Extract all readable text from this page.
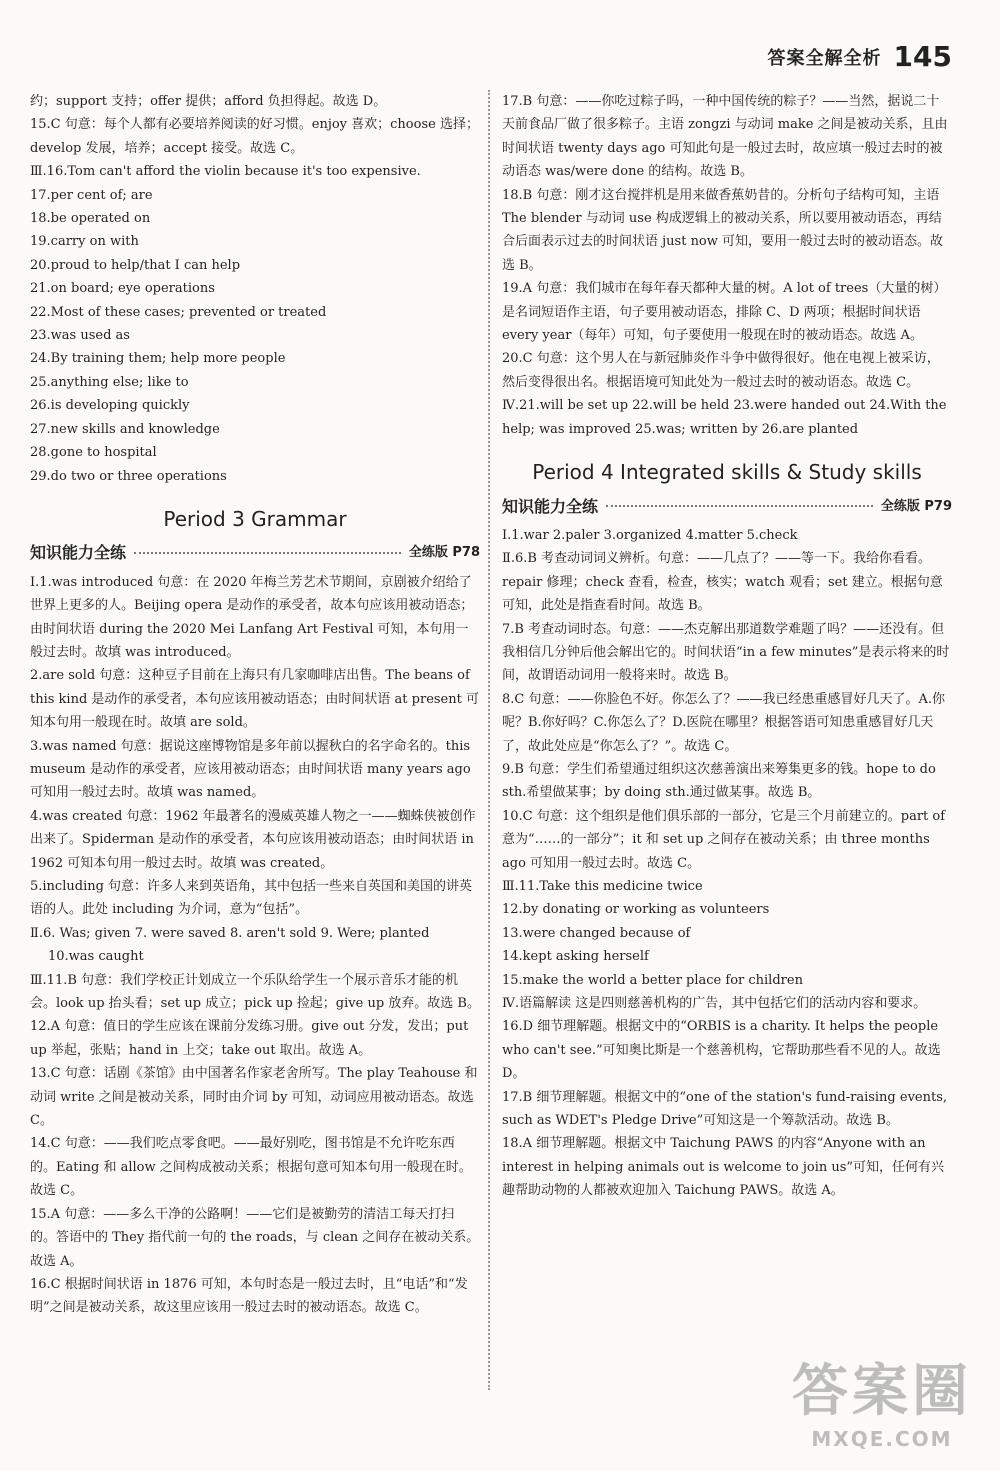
答案全解全析 145

约；support 支持；offer 提供；afford 负担得起。故选 D。

15.C 句意：每个人都有必要培养阅读的好习惯。enjoy 喜欢；choose 选择；develop 发展，培养；accept 接受。故选 C。

Ⅲ.16.Tom can't afford the violin because it's too expensive.

17.per cent of; are

18.be operated on

19.carry on with

20.proud to help/that I can help

21.on board; eye operations

22.Most of these cases; prevented or treated

23.was used as

24.By training them; help more people

25.anything else; like to

26.is developing quickly

27.new skills and knowledge

28.gone to hospital

29.do two or three operations

Period 3 Grammar
知识能力全练	全练版 P78

Ⅰ.1.was introduced 句意：在 2020 年梅兰芳艺术节期间，京剧被介绍给了世界上更多的人。Beijing opera 是动作的承受者，故本句应该用被动语态；由时间状语 during the 2020 Mei Lanfang Art Festival 可知，本句用一般过去时。故填 was introduced。

2.are sold 句意：这种豆子目前在上海只有几家咖啡店出售。The beans of this kind 是动作的承受者，本句应该用被动语态；由时间状语 at present 可知本句用一般现在时。故填 are sold。

3.was named 句意：据说这座博物馆是多年前以握秋白的名字命名的。this museum 是动作的承受者，应该用被动语态；由时间状语 many years ago 可知用一般过去时。故填 was named。

4.was created 句意：1962 年最著名的漫威英雄人物之一——蜘蛛侠被创作出来了。Spiderman 是动作的承受者，本句应该用被动语态；由时间状语 in 1962 可知本句用一般过去时。故填 was created。

5.including 句意：许多人来到英语角，其中包括一些来自英国和美国的讲英语的人。此处 including 为介词，意为“包括”。

Ⅱ.6. Was; given 7. were saved 8. aren't sold 9. Were; planted

10.was caught

Ⅲ.11.B 句意：我们学校正计划成立一个乐队给学生一个展示音乐才能的机会。look up 抬头看；set up 成立；pick up 捡起；give up 放弃。故选 B。

12.A 句意：值日的学生应该在课前分发练习册。give out 分发，发出；put up 举起，张贴；hand in 上交；take out 取出。故选 A。

13.C 句意：话剧《茶馆》由中国著名作家老舍所写。The play Teahouse 和动词 write 之间是被动关系，同时由介词 by 可知，动词应用被动语态。故选 C。

14.C 句意：——我们吃点零食吧。——最好别吃，图书馆是不允许吃东西的。Eating 和 allow 之间构成被动关系；根据句意可知本句用一般现在时。故选 C。

15.A 句意：——多么干净的公路啊！——它们是被勤劳的清洁工每天打扫的。答语中的 They 指代前一句的 the roads，与 clean 之间存在被动关系。故选 A。

16.C 根据时间状语 in 1876 可知，本句时态是一般过去时，且“电话”和“发明”之间是被动关系，故这里应该用一般过去时的被动语态。故选 C。

17.B 句意：——你吃过粽子吗，一种中国传统的粽子？——当然，据说二十天前食品厂做了很多粽子。主语 zongzi 与动词 make 之间是被动关系，且由时间状语 twenty days ago 可知此句是一般过去时，故应填一般过去时的被动语态 was/were done 的结构。故选 B。

18.B 句意：刚才这台搅拌机是用来做香蕉奶昔的。分析句子结构可知，主语 The blender 与动词 use 构成逻辑上的被动关系，所以要用被动语态，再结合后面表示过去的时间状语 just now 可知，要用一般过去时的被动语态。故选 B。

19.A 句意：我们城市在每年春天都种大量的树。A lot of trees（大量的树）是名词短语作主语，句子要用被动语态，排除 C、D 两项；根据时间状语 every year（每年）可知，句子要使用一般现在时的被动语态。故选 A。

20.C 句意：这个男人在与新冠肺炎作斗争中做得很好。他在电视上被采访，然后变得很出名。根据语境可知此处为一般过去时的被动语态。故选 C。

Ⅳ.21.will be set up 22.will be held 23.were handed out 24.With the help; was improved 25.was; written by 26.are planted

Period 4 Integrated skills & Study skills
知识能力全练	全练版 P79

Ⅰ.1.war 2.paler 3.organized 4.matter 5.check

Ⅱ.6.B 考查动词词义辨析。句意：——几点了？——等一下。我给你看看。repair 修理；check 查看，检查，核实；watch 观看；set 建立。根据句意可知，此处是指查看时间。故选 B。

7.B 考查动词时态。句意：——杰克解出那道数学难题了吗？——还没有。但我相信几分钟后他会解出它的。时间状语“in a few minutes”是表示将来的时间，故谓语动词用一般将来时。故选 B。

8.C 句意：——你脸色不好。你怎么了？——我已经患重感冒好几天了。A.你呢？B.你好吗？C.你怎么了？D.医院在哪里？根据答语可知患重感冒好几天了，故此处应是“你怎么了？”。故选 C。

9.B 句意：学生们希望通过组织这次慈善演出来筹集更多的钱。hope to do sth.希望做某事；by doing sth.通过做某事。故选 B。

10.C 句意：这个组织是他们俱乐部的一部分，它是三个月前建立的。part of 意为“……的一部分”；it 和 set up 之间存在被动关系；由 three months ago 可知用一般过去时。故选 C。

Ⅲ.11.Take this medicine twice

12.by donating or working as volunteers

13.were changed because of

14.kept asking herself

15.make the world a better place for children

Ⅳ.语篇解读 这是四则慈善机构的广告，其中包括它们的活动内容和要求。

16.D 细节理解题。根据文中的“ORBIS is a charity. It helps the people who can't see.”可知奥比斯是一个慈善机构，它帮助那些看不见的人。故选 D。

17.B 细节理解题。根据文中的“one of the station's fund-raising events, such as WDET's Pledge Drive”可知这是一个筹款活动。故选 B。

18.A 细节理解题。根据文中 Taichung PAWS 的内容“Anyone with an interest in helping animals out is welcome to join us”可知，任何有兴趣帮助动物的人都被欢迎加入 Taichung PAWS。故选 A。

答案圈
MXQE.COM
